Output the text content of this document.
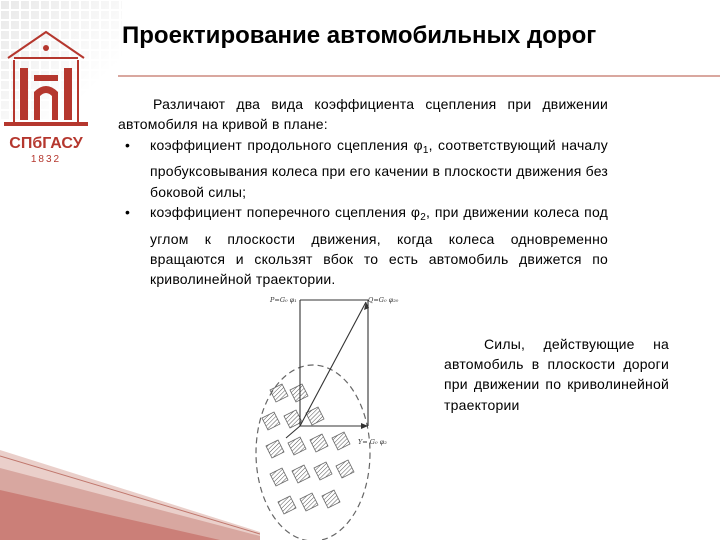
СПбГАСУ
1832
Проектирование автомобильных дорог
Различают два вида коэффициента сцепления при движении автомобиля на кривой в плане:
• коэффициент продольного сцепления $\varphi_1$, соответствующий началу пробуксовывания колеса при его качении в плоскости движения без боковой силы;
• коэффициент поперечного сцепления $\varphi_2$, при движении колеса под углом к плоскости движения, когда колеса одновременно вращаются и скользят вбок то есть автомобиль движется по криволинейной траектории.
P=G₀ φ₁	Q=G₀ φ₂₀
Y= G₀ φ₂
Силы, действующие на автомобиль в плоскости дороги при движении по криволинейной траектории
